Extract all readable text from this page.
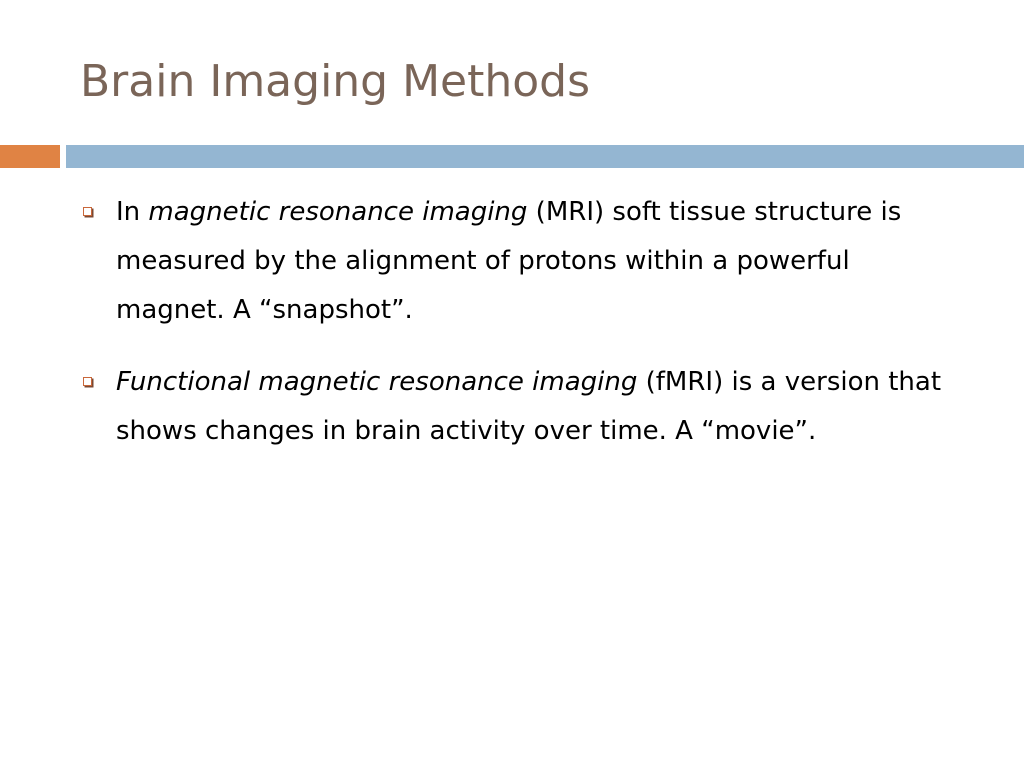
Brain Imaging Methods
In magnetic resonance imaging (MRI) soft tissue structure is measured by the alignment of protons within a powerful magnet. A “snapshot”.
Functional magnetic resonance imaging (fMRI) is a version that shows changes in brain activity over time. A “movie”.
